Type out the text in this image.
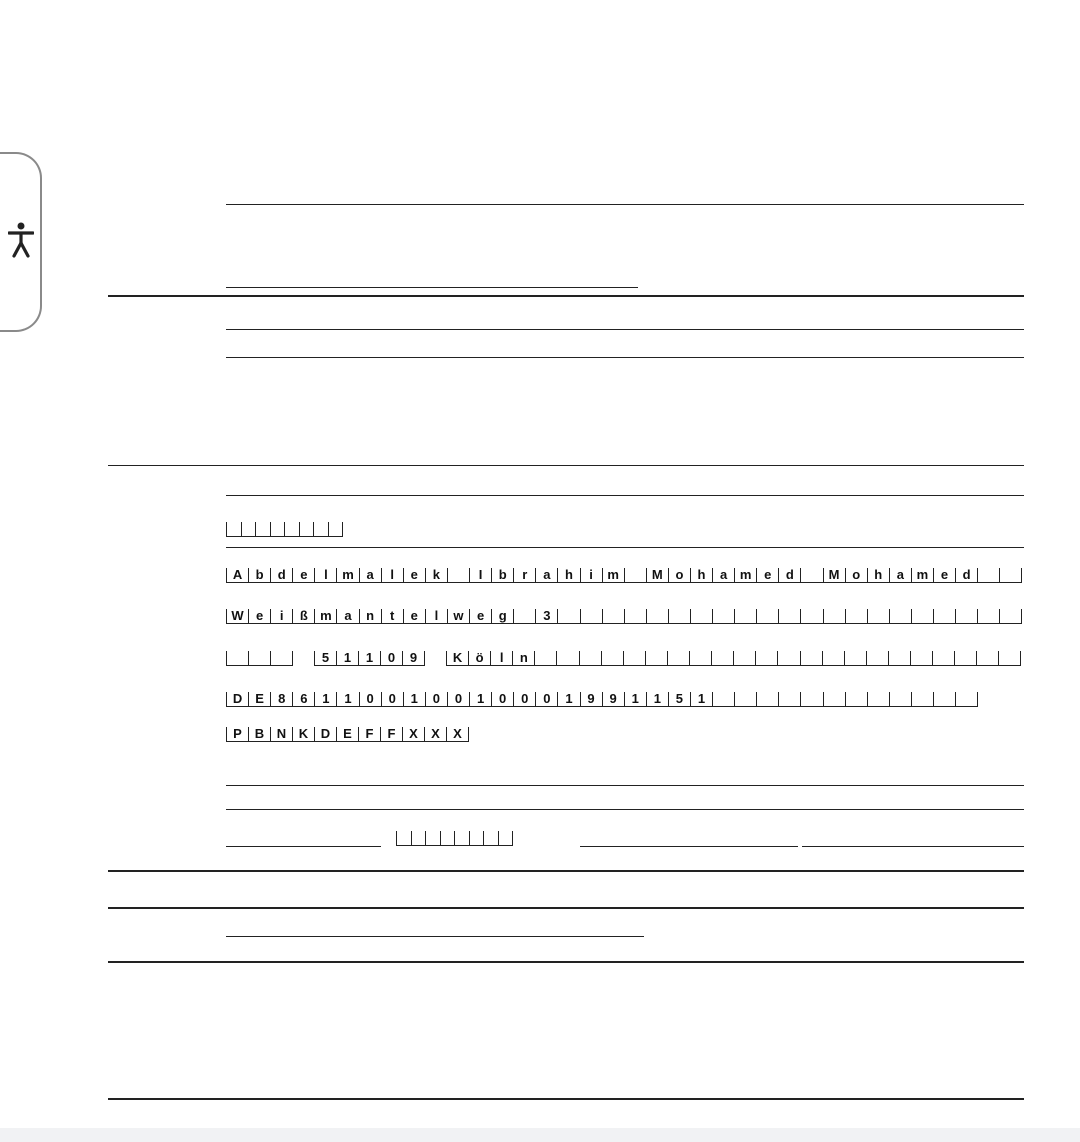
A	b	d	e	l	m a	l	e	k	I	b	r	a	h	i	m	M o	h	a m e	d	M o	h	a m e	d
W e	i	ß m a	n	t	e	l	w	e	g	3
5	1	1	0	9	K	ö	l	n
D	E	8	6	1	1	0	0	1	0	0	1	0	0	0	1	9	9	1	1	5	1
P B N K D E	F	F	X	X	X
